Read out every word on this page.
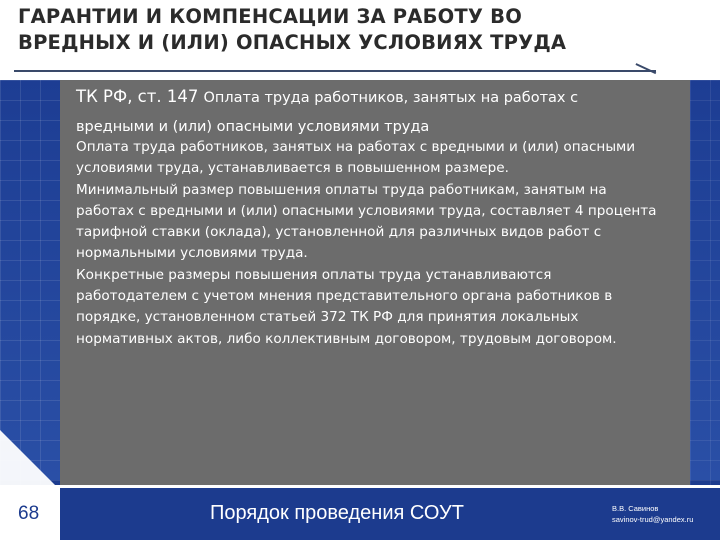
ГАРАНТИИ И КОМПЕНСАЦИИ ЗА РАБОТУ ВО
ВРЕДНЫХ И (ИЛИ) ОПАСНЫХ УСЛОВИЯХ ТРУДА

ТК РФ, ст. 147 Оплата труда работников, занятых на работах с

вредными и (или) опасными условиями труда

Оплата труда работников, занятых на работах с вредными и (или) опасными

условиями труда, устанавливается в повышенном размере.

Минимальный размер повышения оплаты труда работникам, занятым на

работах с вредными и (или) опасными условиями труда, составляет 4 процента

тарифной ставки (оклада), установленной для различных видов работ с

нормальными условиями труда.

Конкретные размеры повышения оплаты труда устанавливаются

работодателем с учетом мнения представительного органа работников в

порядке, установленном статьей 372 ТК РФ для принятия локальных

нормативных актов, либо коллективным договором, трудовым договором.

68	Порядок проведения СОУТ	В.В. Савинов
savinov-trud@yandex.ru
